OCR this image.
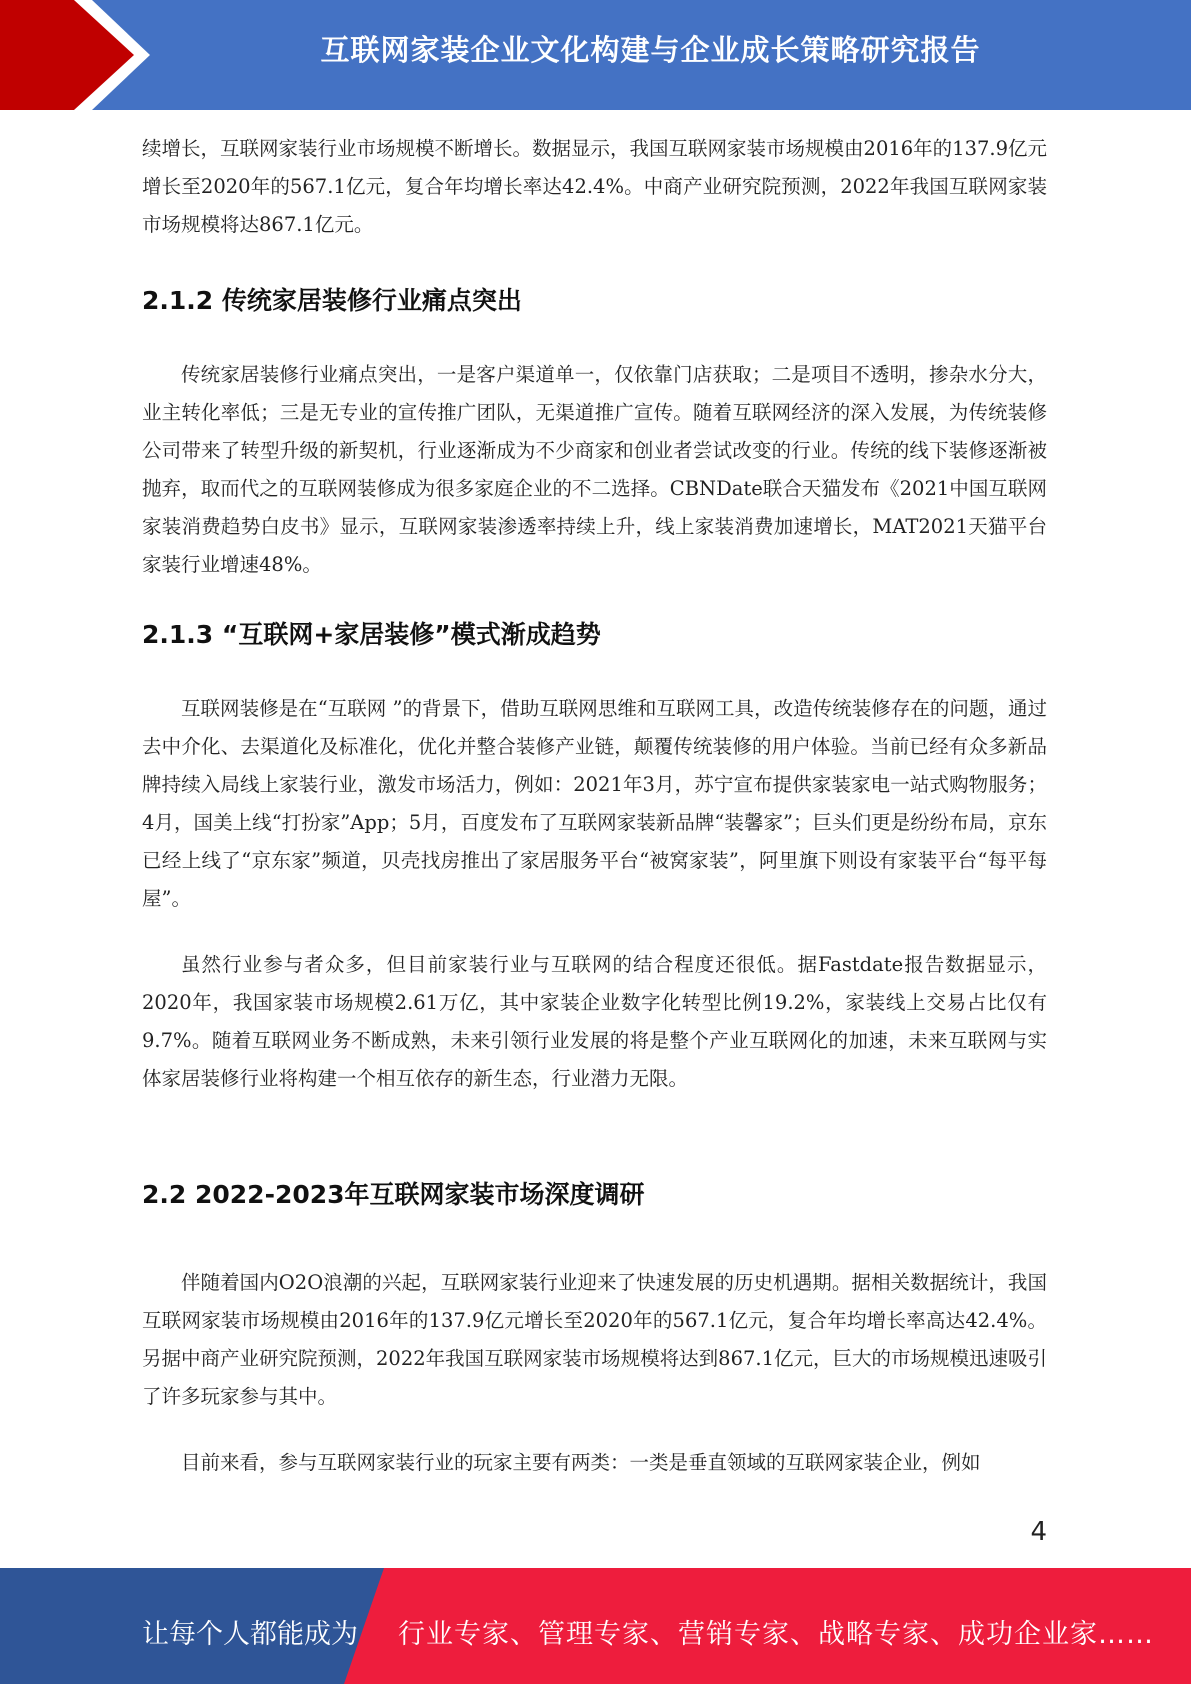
互联网家装企业文化构建与企业成长策略研究报告

续增长，互联网家装行业市场规模不断增长。数据显示，我国互联网家装市场规模由2016年的137.9亿元增长至2020年的567.1亿元，复合年均增长率达42.4%。中商产业研究院预测，2022年我国互联网家装市场规模将达867.1亿元。

2.1.2 传统家居装修行业痛点突出

传统家居装修行业痛点突出，一是客户渠道单一，仅依靠门店获取；二是项目不透明，掺杂水分大，业主转化率低；三是无专业的宣传推广团队，无渠道推广宣传。随着互联网经济的深入发展，为传统装修公司带来了转型升级的新契机，行业逐渐成为不少商家和创业者尝试改变的行业。传统的线下装修逐渐被抛弃，取而代之的互联网装修成为很多家庭企业的不二选择。CBNDate联合天猫发布《2021中国互联网家装消费趋势白皮书》显示，互联网家装渗透率持续上升，线上家装消费加速增长，MAT2021天猫平台家装行业增速48%。

2.1.3 “互联网+家居装修”模式渐成趋势

互联网装修是在“互联网 ”的背景下，借助互联网思维和互联网工具，改造传统装修存在的问题，通过去中介化、去渠道化及标准化，优化并整合装修产业链，颠覆传统装修的用户体验。当前已经有众多新品牌持续入局线上家装行业，激发市场活力，例如：2021年3月，苏宁宣布提供家装家电一站式购物服务；4月，国美上线“打扮家”App；5月，百度发布了互联网家装新品牌“装馨家”；巨头们更是纷纷布局，京东已经上线了“京东家”频道，贝壳找房推出了家居服务平台“被窝家装”，阿里旗下则设有家装平台“每平每屋”。

虽然行业参与者众多，但目前家装行业与互联网的结合程度还很低。据Fastdate报告数据显示，2020年，我国家装市场规模2.61万亿，其中家装企业数字化转型比例19.2%，家装线上交易占比仅有9.7%。随着互联网业务不断成熟，未来引领行业发展的将是整个产业互联网化的加速，未来互联网与实体家居装修行业将构建一个相互依存的新生态，行业潜力无限。

2.2 2022-2023年互联网家装市场深度调研

伴随着国内O2O浪潮的兴起，互联网家装行业迎来了快速发展的历史机遇期。据相关数据统计，我国互联网家装市场规模由2016年的137.9亿元增长至2020年的567.1亿元，复合年均增长率高达42.4%。另据中商产业研究院预测，2022年我国互联网家装市场规模将达到867.1亿元，巨大的市场规模迅速吸引了许多玩家参与其中。

目前来看，参与互联网家装行业的玩家主要有两类：一类是垂直领域的互联网家装企业，例如

4
让每个人都能成为 行业专家、管理专家、营销专家、战略专家、成功企业家……
